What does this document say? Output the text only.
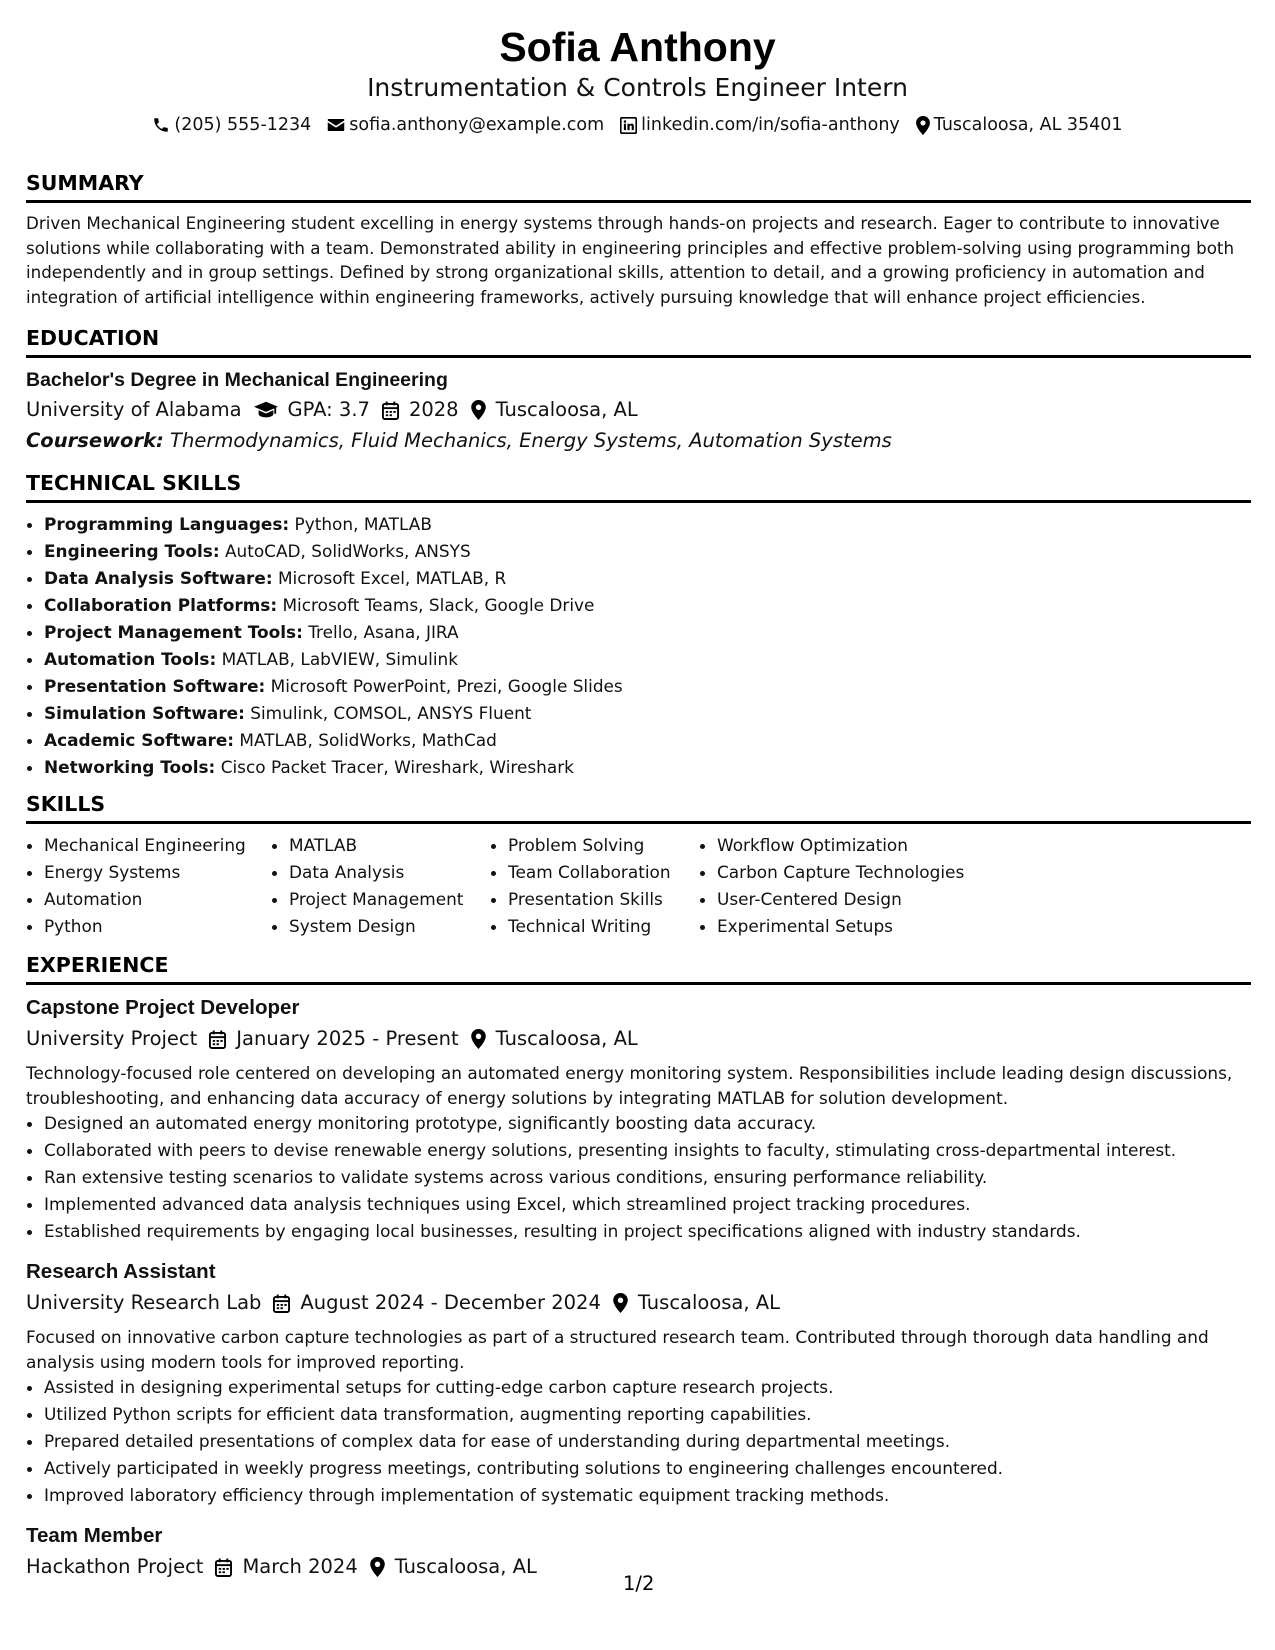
Sofia Anthony
Instrumentation & Controls Engineer Intern
(205) 555-1234 sofia.anthony@example.com linkedin.com/in/sofia-anthony Tuscaloosa, AL 35401
SUMMARY
Driven Mechanical Engineering student excelling in energy systems through hands-on projects and research. Eager to contribute to innovative solutions while collaborating with a team. Demonstrated ability in engineering principles and effective problem-solving using programming both independently and in group settings. Defined by strong organizational skills, attention to detail, and a growing proficiency in automation and integration of artificial intelligence within engineering frameworks, actively pursuing knowledge that will enhance project efficiencies.
EDUCATION
Bachelor's Degree in Mechanical Engineering
University of Alabama GPA: 3.7 2028 Tuscaloosa, AL
Coursework: Thermodynamics, Fluid Mechanics, Energy Systems, Automation Systems
TECHNICAL SKILLS
• Programming Languages: Python, MATLAB
• Engineering Tools: AutoCAD, SolidWorks, ANSYS
• Data Analysis Software: Microsoft Excel, MATLAB, R
• Collaboration Platforms: Microsoft Teams, Slack, Google Drive
• Project Management Tools: Trello, Asana, JIRA
• Automation Tools: MATLAB, LabVIEW, Simulink
• Presentation Software: Microsoft PowerPoint, Prezi, Google Slides
• Simulation Software: Simulink, COMSOL, ANSYS Fluent
• Academic Software: MATLAB, SolidWorks, MathCad
• Networking Tools: Cisco Packet Tracer, Wireshark, Wireshark
SKILLS
• Mechanical Engineering
• Energy Systems
• Automation
• Python
• MATLAB
• Data Analysis
• Project Management
• System Design
• Problem Solving
• Team Collaboration
• Presentation Skills
• Technical Writing
• Workflow Optimization
• Carbon Capture Technologies
• User-Centered Design
• Experimental Setups
EXPERIENCE
Capstone Project Developer
University Project January 2025 - Present Tuscaloosa, AL
Technology-focused role centered on developing an automated energy monitoring system. Responsibilities include leading design discussions, troubleshooting, and enhancing data accuracy of energy solutions by integrating MATLAB for solution development.
• Designed an automated energy monitoring prototype, significantly boosting data accuracy.
• Collaborated with peers to devise renewable energy solutions, presenting insights to faculty, stimulating cross-departmental interest.
• Ran extensive testing scenarios to validate systems across various conditions, ensuring performance reliability.
• Implemented advanced data analysis techniques using Excel, which streamlined project tracking procedures.
• Established requirements by engaging local businesses, resulting in project specifications aligned with industry standards.
Research Assistant
University Research Lab August 2024 - December 2024 Tuscaloosa, AL
Focused on innovative carbon capture technologies as part of a structured research team. Contributed through thorough data handling and analysis using modern tools for improved reporting.
• Assisted in designing experimental setups for cutting-edge carbon capture research projects.
• Utilized Python scripts for efficient data transformation, augmenting reporting capabilities.
• Prepared detailed presentations of complex data for ease of understanding during departmental meetings.
• Actively participated in weekly progress meetings, contributing solutions to engineering challenges encountered.
• Improved laboratory efficiency through implementation of systematic equipment tracking methods.
Team Member
Hackathon Project March 2024 Tuscaloosa, AL
1/2
